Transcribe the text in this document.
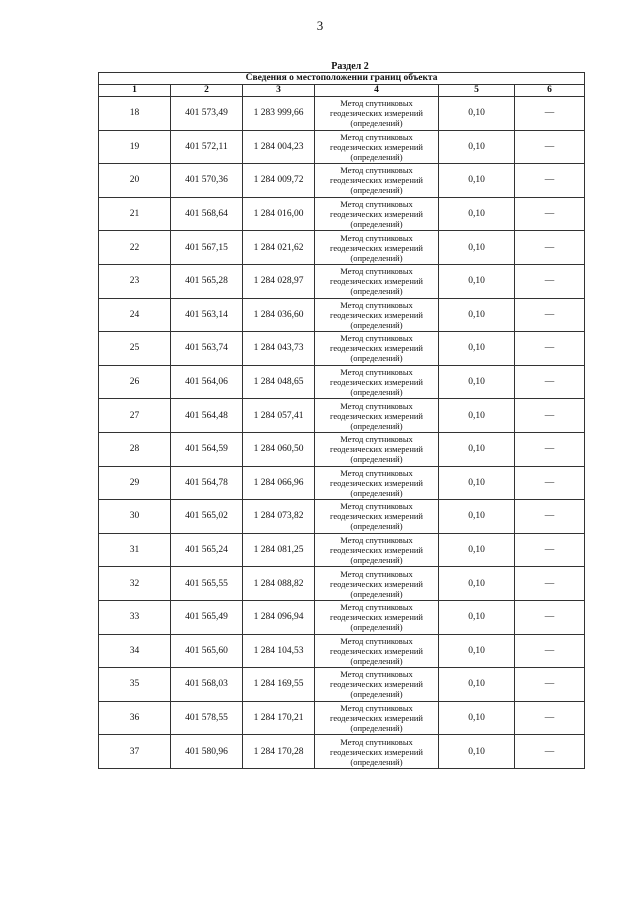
3
Раздел 2
Сведения о местоположении границ объекта					
1	2	3	4	5	6
18	401 573,49	1 283 999,66	Метод спутниковых геодезических измерений (определений)	0,10	—
19	401 572,11	1 284 004,23	Метод спутниковых геодезических измерений (определений)	0,10	—
20	401 570,36	1 284 009,72	Метод спутниковых геодезических измерений (определений)	0,10	—
21	401 568,64	1 284 016,00	Метод спутниковых геодезических измерений (определений)	0,10	—
22	401 567,15	1 284 021,62	Метод спутниковых геодезических измерений (определений)	0,10	—
23	401 565,28	1 284 028,97	Метод спутниковых геодезических измерений (определений)	0,10	—
24	401 563,14	1 284 036,60	Метод спутниковых геодезических измерений (определений)	0,10	—
25	401 563,74	1 284 043,73	Метод спутниковых геодезических измерений (определений)	0,10	—
26	401 564,06	1 284 048,65	Метод спутниковых геодезических измерений (определений)	0,10	—
27	401 564,48	1 284 057,41	Метод спутниковых геодезических измерений (определений)	0,10	—
28	401 564,59	1 284 060,50	Метод спутниковых геодезических измерений (определений)	0,10	—
29	401 564,78	1 284 066,96	Метод спутниковых геодезических измерений (определений)	0,10	—
30	401 565,02	1 284 073,82	Метод спутниковых геодезических измерений (определений)	0,10	—
31	401 565,24	1 284 081,25	Метод спутниковых геодезических измерений (определений)	0,10	—
32	401 565,55	1 284 088,82	Метод спутниковых геодезических измерений (определений)	0,10	—
33	401 565,49	1 284 096,94	Метод спутниковых геодезических измерений (определений)	0,10	—
34	401 565,60	1 284 104,53	Метод спутниковых геодезических измерений (определений)	0,10	—
35	401 568,03	1 284 169,55	Метод спутниковых геодезических измерений (определений)	0,10	—
36	401 578,55	1 284 170,21	Метод спутниковых геодезических измерений (определений)	0,10	—
37	401 580,96	1 284 170,28	Метод спутниковых геодезических измерений (определений)	0,10	—
